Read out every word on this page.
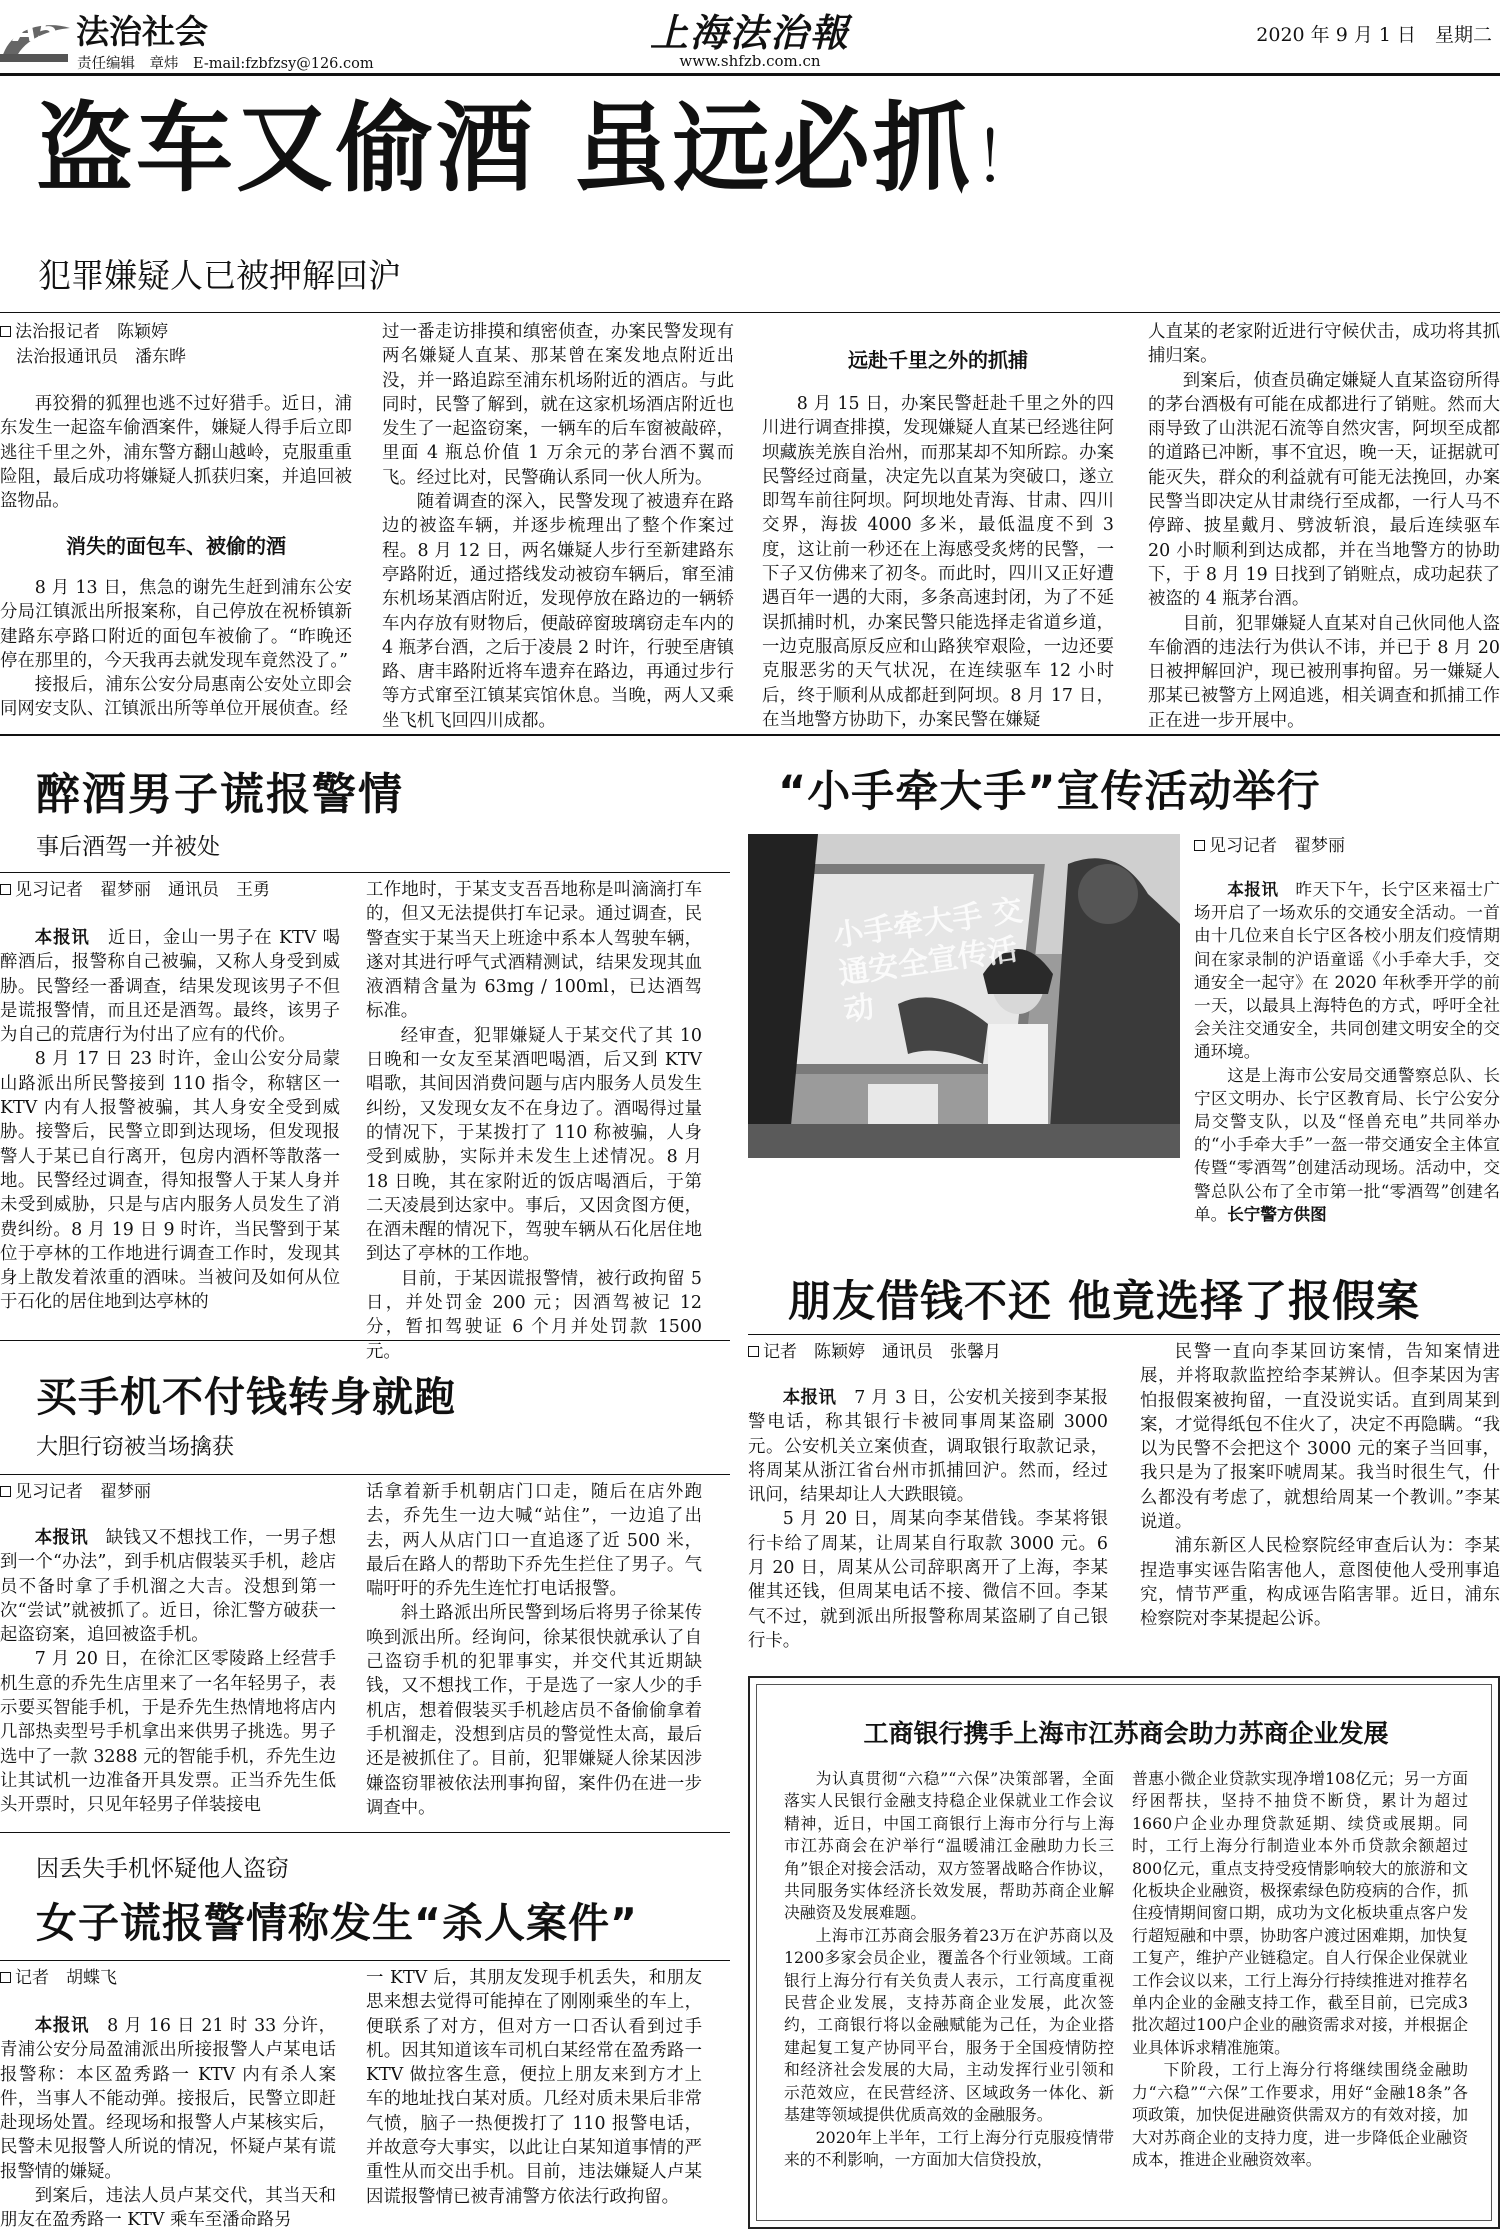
A5 法治社会
责任编辑　章炜　E-mail:fzbfzsy@126.com
上海法治報
www.shfzb.com.cn
2020 年 9 月 1 日　星期二
盗车又偷酒 虽远必抓！
犯罪嫌疑人已被押解回沪
法治报记者　陈颖婷
法治报通讯员　潘东晔

再狡猾的狐狸也逃不过好猎手。近日，浦东发生一起盗车偷酒案件，嫌疑人得手后立即逃往千里之外，浦东警方翻山越岭，克服重重险阻，最后成功将嫌疑人抓获归案，并追回被盗物品。

消失的面包车、被偷的酒

8 月 13 日，焦急的谢先生赶到浦东公安分局江镇派出所报案称，自己停放在祝桥镇新建路东亭路口附近的面包车被偷了。“昨晚还停在那里的，今天我再去就发现车竟然没了。”

接报后，浦东公安分局惠南公安处立即会同网安支队、江镇派出所等单位开展侦查。经

过一番走访排摸和缜密侦查，办案民警发现有两名嫌疑人直某、那某曾在案发地点附近出没，并一路追踪至浦东机场附近的酒店。与此同时，民警了解到，就在这家机场酒店附近也发生了一起盗窃案，一辆车的后车窗被敲碎，里面 4 瓶总价值 1 万余元的茅台酒不翼而飞。经过比对，民警确认系同一伙人所为。

随着调查的深入，民警发现了被遗弃在路边的被盗车辆，并逐步梳理出了整个作案过程。8 月 12 日，两名嫌疑人步行至新建路东亭路附近，通过搭线发动被窃车辆后，窜至浦东机场某酒店附近，发现停放在路边的一辆轿车内存放有财物后，便敲碎窗玻璃窃走车内的 4 瓶茅台酒，之后于凌晨 2 时许，行驶至唐镇路、唐丰路附近将车遗弃在路边，再通过步行等方式窜至江镇某宾馆休息。当晚，两人又乘坐飞机飞回四川成都。

远赴千里之外的抓捕

8 月 15 日，办案民警赶赴千里之外的四川进行调查排摸，发现嫌疑人直某已经逃往阿坝藏族羌族自治州，而那某却不知所踪。办案民警经过商量，决定先以直某为突破口，遂立即驾车前往阿坝。阿坝地处青海、甘肃、四川交界，海拔 4000 多米，最低温度不到 3 度，这让前一秒还在上海感受炙烤的民警，一下子又仿佛来了初冬。而此时，四川又正好遭遇百年一遇的大雨，多条高速封闭，为了不延误抓捕时机，办案民警只能选择走省道乡道，一边克服高原反应和山路狭窄艰险，一边还要克服恶劣的天气状况，在连续驱车 12 小时后，终于顺利从成都赶到阿坝。8 月 17 日，在当地警方协助下，办案民警在嫌疑

人直某的老家附近进行守候伏击，成功将其抓捕归案。

到案后，侦查员确定嫌疑人直某盗窃所得的茅台酒极有可能在成都进行了销赃。然而大雨导致了山洪泥石流等自然灾害，阿坝至成都的道路已冲断，事不宜迟，晚一天，证据就可能灭失，群众的利益就有可能无法挽回，办案民警当即决定从甘肃绕行至成都，一行人马不停蹄、披星戴月、劈波斩浪，最后连续驱车 20 小时顺利到达成都，并在当地警方的协助下，于 8 月 19 日找到了销赃点，成功起获了被盗的 4 瓶茅台酒。

目前，犯罪嫌疑人直某对自己伙同他人盗车偷酒的违法行为供认不讳，并已于 8 月 20 日被押解回沪，现已被刑事拘留。另一嫌疑人那某已被警方上网追逃，相关调查和抓捕工作正在进一步开展中。

醉酒男子谎报警情
事后酒驾一并被处
见习记者　翟梦丽　通讯员　王勇

本报讯　 近日，金山一男子在 KTV 喝醉酒后，报警称自己被骗，又称人身受到威胁。民警经一番调查，结果发现该男子不但是谎报警情，而且还是酒驾。最终，该男子为自己的荒唐行为付出了应有的代价。

8 月 17 日 23 时许，金山公安分局蒙山路派出所民警接到 110 指令，称辖区一 KTV 内有人报警被骗，其人身安全受到威胁。接警后，民警立即到达现场，但发现报警人于某已自行离开，包房内酒杯等散落一地。民警经过调查，得知报警人于某人身并未受到威胁，只是与店内服务人员发生了消费纠纷。8 月 19 日 9 时许，当民警到于某位于亭林的工作地进行调查工作时，发现其身上散发着浓重的酒味。当被问及如何从位于石化的居住地到达亭林的

工作地时，于某支支吾吾地称是叫滴滴打车的，但又无法提供打车记录。通过调查，民警查实于某当天上班途中系本人驾驶车辆，遂对其进行呼气式酒精测试，结果发现其血液酒精含量为 63mg / 100ml，已达酒驾标准。

经审查，犯罪嫌疑人于某交代了其 10 日晚和一女友至某酒吧喝酒，后又到 KTV 唱歌，其间因消费问题与店内服务人员发生纠纷，又发现女友不在身边了。酒喝得过量的情况下，于某拨打了 110 称被骗，人身受到威胁，实际并未发生上述情况。8 月 18 日晚，其在家附近的饭店喝酒后，于第二天凌晨到达家中。事后，又因贪图方便，在酒未醒的情况下，驾驶车辆从石化居住地到达了亭林的工作地。

目前，于某因谎报警情，被行政拘留 5 日，并处罚金 200 元；因酒驾被记 12 分，暂扣驾驶证 6 个月并处罚款 1500 元。

“小手牵大手”宣传活动举行
小手牵大手 交通安全宣传活动
见习记者　翟梦丽

本报讯　 昨天下午，长宁区来福士广场开启了一场欢乐的交通安全活动。一首由十几位来自长宁区各校小朋友们疫情期间在家录制的沪语童谣《小手牵大手，交通安全一起守》在 2020 年秋季开学的前一天，以最具上海特色的方式，呼吁全社会关注交通安全，共同创建文明安全的交通环境。

这是上海市公安局交通警察总队、长宁区文明办、长宁区教育局、长宁公安分局交警支队，以及“怪兽充电”共同举办的“小手牵大手”一盔一带交通安全主体宣传暨“零酒驾”创建活动现场。活动中，交警总队公布了全市第一批“零酒驾”创建名单。长宁警方供图

朋友借钱不还 他竟选择了报假案
记者　陈颖婷　通讯员　张馨月

本报讯　 7 月 3 日，公安机关接到李某报警电话，称其银行卡被同事周某盗刷 3000 元。公安机关立案侦查，调取银行取款记录，将周某从浙江省台州市抓捕回沪。然而，经过讯问，结果却让人大跌眼镜。

5 月 20 日，周某向李某借钱。李某将银行卡给了周某，让周某自行取款 3000 元。6 月 20 日，周某从公司辞职离开了上海，李某催其还钱，但周某电话不接、微信不回。李某气不过，就到派出所报警称周某盗刷了自己银行卡。

民警一直向李某回访案情，告知案情进展，并将取款监控给李某辨认。但李某因为害怕报假案被拘留，一直没说实话。直到周某到案，才觉得纸包不住火了，决定不再隐瞒。“我以为民警不会把这个 3000 元的案子当回事，我只是为了报案吓唬周某。我当时很生气，什么都没有考虑了，就想给周某一个教训。”李某说道。

浦东新区人民检察院经审查后认为：李某捏造事实诬告陷害他人，意图使他人受刑事追究，情节严重，构成诬告陷害罪。近日，浦东检察院对李某提起公诉。

买手机不付钱转身就跑
大胆行窃被当场擒获
见习记者　翟梦丽

本报讯　 缺钱又不想找工作，一男子想到一个“办法”，到手机店假装买手机，趁店员不备时拿了手机溜之大吉。没想到第一次“尝试”就被抓了。近日，徐汇警方破获一起盗窃案，追回被盗手机。

7 月 20 日，在徐汇区零陵路上经营手机生意的乔先生店里来了一名年轻男子，表示要买智能手机，于是乔先生热情地将店内几部热卖型号手机拿出来供男子挑选。男子选中了一款 3288 元的智能手机，乔先生边让其试机一边准备开具发票。正当乔先生低头开票时，只见年轻男子佯装接电

话拿着新手机朝店门口走，随后在店外跑去，乔先生一边大喊“站住”，一边追了出去，两人从店门口一直追逐了近 500 米，最后在路人的帮助下乔先生拦住了男子。气喘吁吁的乔先生连忙打电话报警。

斜土路派出所民警到场后将男子徐某传唤到派出所。经询问，徐某很快就承认了自己盗窃手机的犯罪事实，并交代其近期缺钱，又不想找工作，于是选了一家人少的手机店，想着假装买手机趁店员不备偷偷拿着手机溜走，没想到店员的警觉性太高，最后还是被抓住了。目前，犯罪嫌疑人徐某因涉嫌盗窃罪被依法刑事拘留，案件仍在进一步调查中。

因丢失手机怀疑他人盗窃
女子谎报警情称发生“杀人案件”
记者　胡蝶飞

本报讯　 8 月 16 日 21 时 33 分许，青浦公安分局盈浦派出所接报警人卢某电话报警称：本区盈秀路一 KTV 内有杀人案件，当事人不能动弹。接报后，民警立即赶赴现场处置。经现场和报警人卢某核实后，民警未见报警人所说的情况，怀疑卢某有谎报警情的嫌疑。

到案后，违法人员卢某交代，其当天和朋友在盈秀路一 KTV 乘车至潘命路另

一 KTV 后，其朋友发现手机丢失，和朋友思来想去觉得可能掉在了刚刚乘坐的车上，便联系了对方，但对方一口否认看到过手机。因其知道该车司机白某经常在盈秀路一 KTV 做拉客生意，便拉上朋友来到方才上车的地址找白某对质。几经对质未果后非常气愤，脑子一热便拨打了 110 报警电话，并故意夸大事实，以此让白某知道事情的严重性从而交出手机。目前，违法嫌疑人卢某因谎报警情已被青浦警方依法行政拘留。

工商银行携手上海市江苏商会助力苏商企业发展

为认真贯彻“六稳”“六保”决策部署，全面落实人民银行金融支持稳企业保就业工作会议精神，近日，中国工商银行上海市分行与上海市江苏商会在沪举行“温暖浦江金融助力长三角”银企对接会活动，双方签署战略合作协议，共同服务实体经济长效发展，帮助苏商企业解决融资及发展难题。

上海市江苏商会服务着23万在沪苏商以及1200多家会员企业，覆盖各个行业领域。工商银行上海分行有关负责人表示，工行高度重视民营企业发展，支持苏商企业发展，此次签约，工商银行将以金融赋能为己任，为企业搭建起复工复产协同平台，服务于全国疫情防控和经济社会发展的大局，主动发挥行业引领和示范效应，在民营经济、区域政务一体化、新基建等领域提供优质高效的金融服务。

2020年上半年，工行上海分行克服疫情带来的不利影响，一方面加大信贷投放，

普惠小微企业贷款实现净增108亿元；另一方面纾困帮扶，坚持不抽贷不断贷，累计为超过1660户企业办理贷款延期、续贷或展期。同时，工行上海分行制造业本外币贷款余额超过800亿元，重点支持受疫情影响较大的旅游和文化板块企业融资，极探索绿色防疫病的合作，抓住疫情期间窗口期，成功为文化板块重点客户发行超短融和中票，协助客户渡过困难期，加快复工复产，维护产业链稳定。自人行保企业保就业工作会议以来，工行上海分行持续推进对推荐名单内企业的金融支持工作，截至目前，已完成3批次超过100户企业的融资需求对接，并根据企业具体诉求精准施策。

下阶段，工行上海分行将继续围绕金融助力“六稳”“六保”工作要求，用好“金融18条”各项政策，加快促进融资供需双方的有效对接，加大对苏商企业的支持力度，进一步降低企业融资成本，推进企业融资效率。
